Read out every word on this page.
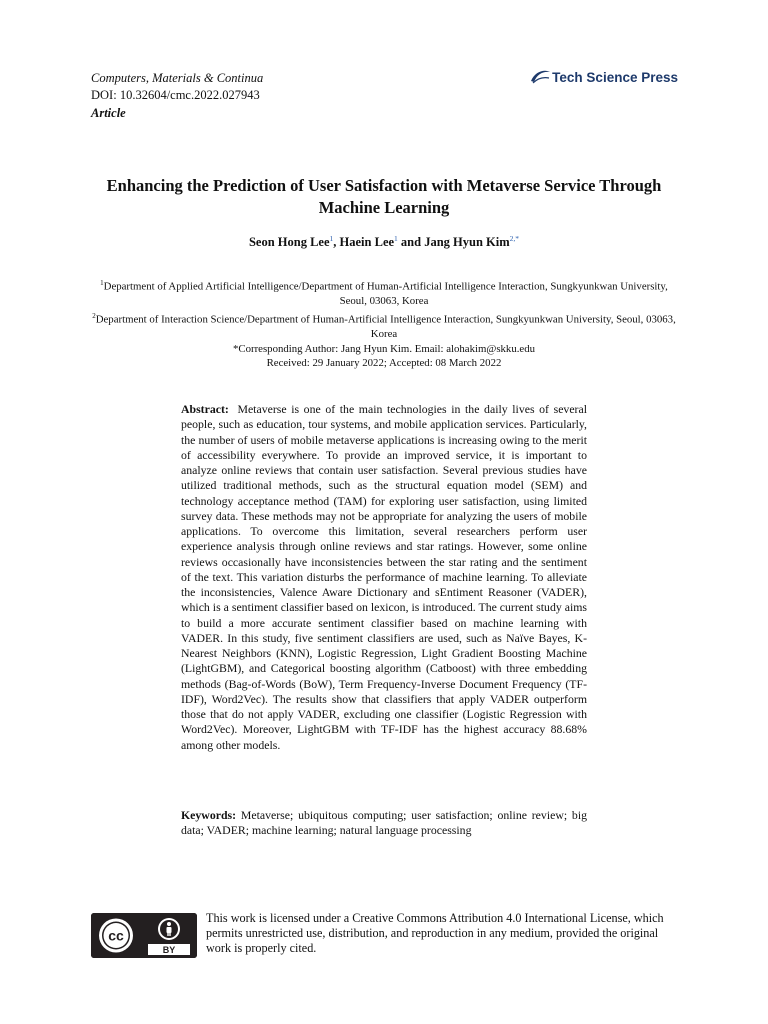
Computers, Materials & Continua
DOI: 10.32604/cmc.2022.027943
Article
Tech Science Press
Enhancing the Prediction of User Satisfaction with Metaverse Service Through Machine Learning
Seon Hong Lee$^1$, Haein Lee$^1$ and Jang Hyun Kim$^{2,*}$
$^1$Department of Applied Artificial Intelligence/Department of Human-Artificial Intelligence Interaction, Sungkyunkwan University, Seoul, 03063, Korea
$^2$Department of Interaction Science/Department of Human-Artificial Intelligence Interaction, Sungkyunkwan University, Seoul, 03063, Korea
*Corresponding Author: Jang Hyun Kim. Email: alohakim@skku.edu
Received: 29 January 2022; Accepted: 08 March 2022
Abstract: Metaverse is one of the main technologies in the daily lives of several people, such as education, tour systems, and mobile application services. Particularly, the number of users of mobile metaverse applications is increasing owing to the merit of accessibility everywhere. To provide an improved service, it is important to analyze online reviews that contain user satisfaction. Several previous studies have utilized traditional methods, such as the structural equation model (SEM) and technology acceptance method (TAM) for exploring user satisfaction, using limited survey data. These methods may not be appropriate for analyzing the users of mobile applications. To overcome this limitation, several researchers perform user experience analysis through online reviews and star ratings. However, some online reviews occasionally have inconsistencies between the star rating and the sentiment of the text. This variation disturbs the performance of machine learning. To alleviate the inconsistencies, Valence Aware Dictionary and sEntiment Reasoner (VADER), which is a sentiment classifier based on lexicon, is introduced. The current study aims to build a more accurate sentiment classifier based on machine learning with VADER. In this study, five sentiment classifiers are used, such as Naïve Bayes, K-Nearest Neighbors (KNN), Logistic Regression, Light Gradient Boosting Machine (LightGBM), and Categorical boosting algorithm (Catboost) with three embedding methods (Bag-of-Words (BoW), Term Frequency-Inverse Document Frequency (TF-IDF), Word2Vec). The results show that classifiers that apply VADER outperform those that do not apply VADER, excluding one classifier (Logistic Regression with Word2Vec). Moreover, LightGBM with TF-IDF has the highest accuracy 88.68% among other models.
Keywords: Metaverse; ubiquitous computing; user satisfaction; online review; big data; VADER; machine learning; natural language processing
cc
BY
This work is licensed under a Creative Commons Attribution 4.0 International License, which permits unrestricted use, distribution, and reproduction in any medium, provided the original work is properly cited.
